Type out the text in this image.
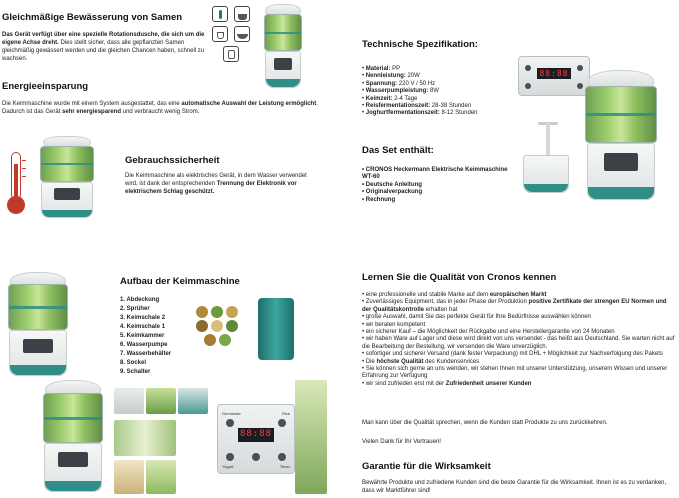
Gleichmäßige Bewässerung von Samen
Das Gerät verfügt über eine spezielle Rotationsdusche, die sich um die eigene Achse dreht. Dies stellt sicher, dass alle gepflanzten Samen gleichmäßig gewässert werden und die gleichen Chancen haben, schnell zu wachsen.
Energieeinsparung
Die Keimmaschine wurde mit einem System ausgestattet, das eine automatische Auswahl der Leistung ermöglicht. Dadurch ist das Gerät sehr energiesparend und verbraucht wenig Strom.
Gebrauchssicherheit
Die Keimmaschine als elektrisches Gerät, in dem Wasser verwendet wird, ist dank der entsprechenden Trennung der Elektronik vor elektrischem Schlag geschützt.
Technische Spezifikation:
• Material: PP
• Nennleistung: 20W
• Spannung: 220 V / 50 Hz
• Wasserpumpleistung: 8W
• Keimzeit: 2-4 Tage
• Reisfermentationszeit: 28-38 Stunden
• Joghurtfermentationszeit: 8-12 Stunden
Das Set enthält:
• CRONOS Heckermann Elektrische Keimmaschine WT-60
• Deutsche Anleitung
• Originalverpackung
• Rechnung
88:88
Aufbau der Keimmaschine
1. Abdeckung
2. Sprüher
3. Keimschale 2
4. Keimschale 1
5. Keimkammer
6. Wasserpumpe
7. Wasserbehälter
8. Sockel
9. Schalter
88:88
Germinate	Rice
Yogurt	Timer
Lernen Sie die Qualität von Cronos kennen
• eine professionelle und stabile Marke auf dem europäischen Markt
• Zuverlässiges Equipment, das in jeder Phase der Produktion positive Zertifikate der strengen EU Normen und der Qualitätskontrolle erhalten hat
• große Auswahl, damit Sie das perfekte Gerät für Ihre Bedürfnisse auswählen können
• wir beraten kompetent
• ein sicherer Kauf – die Möglichkeit der Rückgabe und eine Herstellergarantie von 24 Monaten
• wir haben Ware auf Lager und diese wird direkt von uns versendet - das heißt aus Deutschland. Sie warten nicht auf die Bearbeitung der Bestellung, wir versenden die Ware unverzüglich.
• sofortiger und sicherer Versand (dank fester Verpackung) mit DHL + Möglichkeit zur Nachverfolgung des Pakets
• Die höchste Qualität des Kundenservices
• Sie können sich gerne an uns wenden, wir stehen Ihnen mit unserer Unterstützung, unserem Wissen und unserer Erfahrung zur Verfügung
• wir sind zufrieden erst mit der Zufriedenheit unserer Kunden
Man kann über die Qualität sprechen, wenn die Kunden statt Produkte zu uns zurückkehren.
Vielen Dank für Ihr Vertrauen!
Garantie für die Wirksamkeit
Bewährte Produkte und zufriedene Kunden sind die beste Garantie für die Wirksamkeit. Ihnen ist es zu verdanken, dass wir Marktführer sind!
